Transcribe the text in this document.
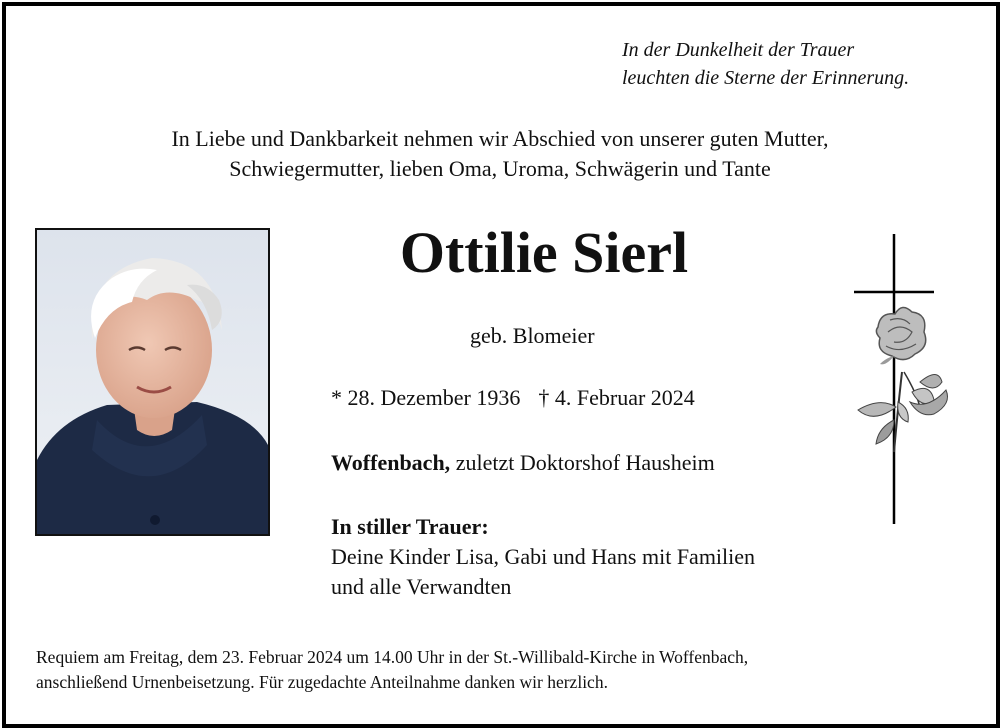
In der Dunkelheit der Trauer
leuchten die Sterne der Erinnerung.
In Liebe und Dankbarkeit nehmen wir Abschied von unserer guten Mutter,
Schwiegermutter, lieben Oma, Uroma, Schwägerin und Tante
Ottilie Sierl
geb. Blomeier
* 28. Dezember 1936 † 4. Februar 2024
Woffenbach, zuletzt Doktorshof Hausheim
In stiller Trauer:
Deine Kinder Lisa, Gabi und Hans mit Familien
und alle Verwandten
Requiem am Freitag, dem 23. Februar 2024 um 14.00 Uhr in der St.-Willibald-Kirche in Woffenbach,
anschließend Urnenbeisetzung. Für zugedachte Anteilnahme danken wir herzlich.
